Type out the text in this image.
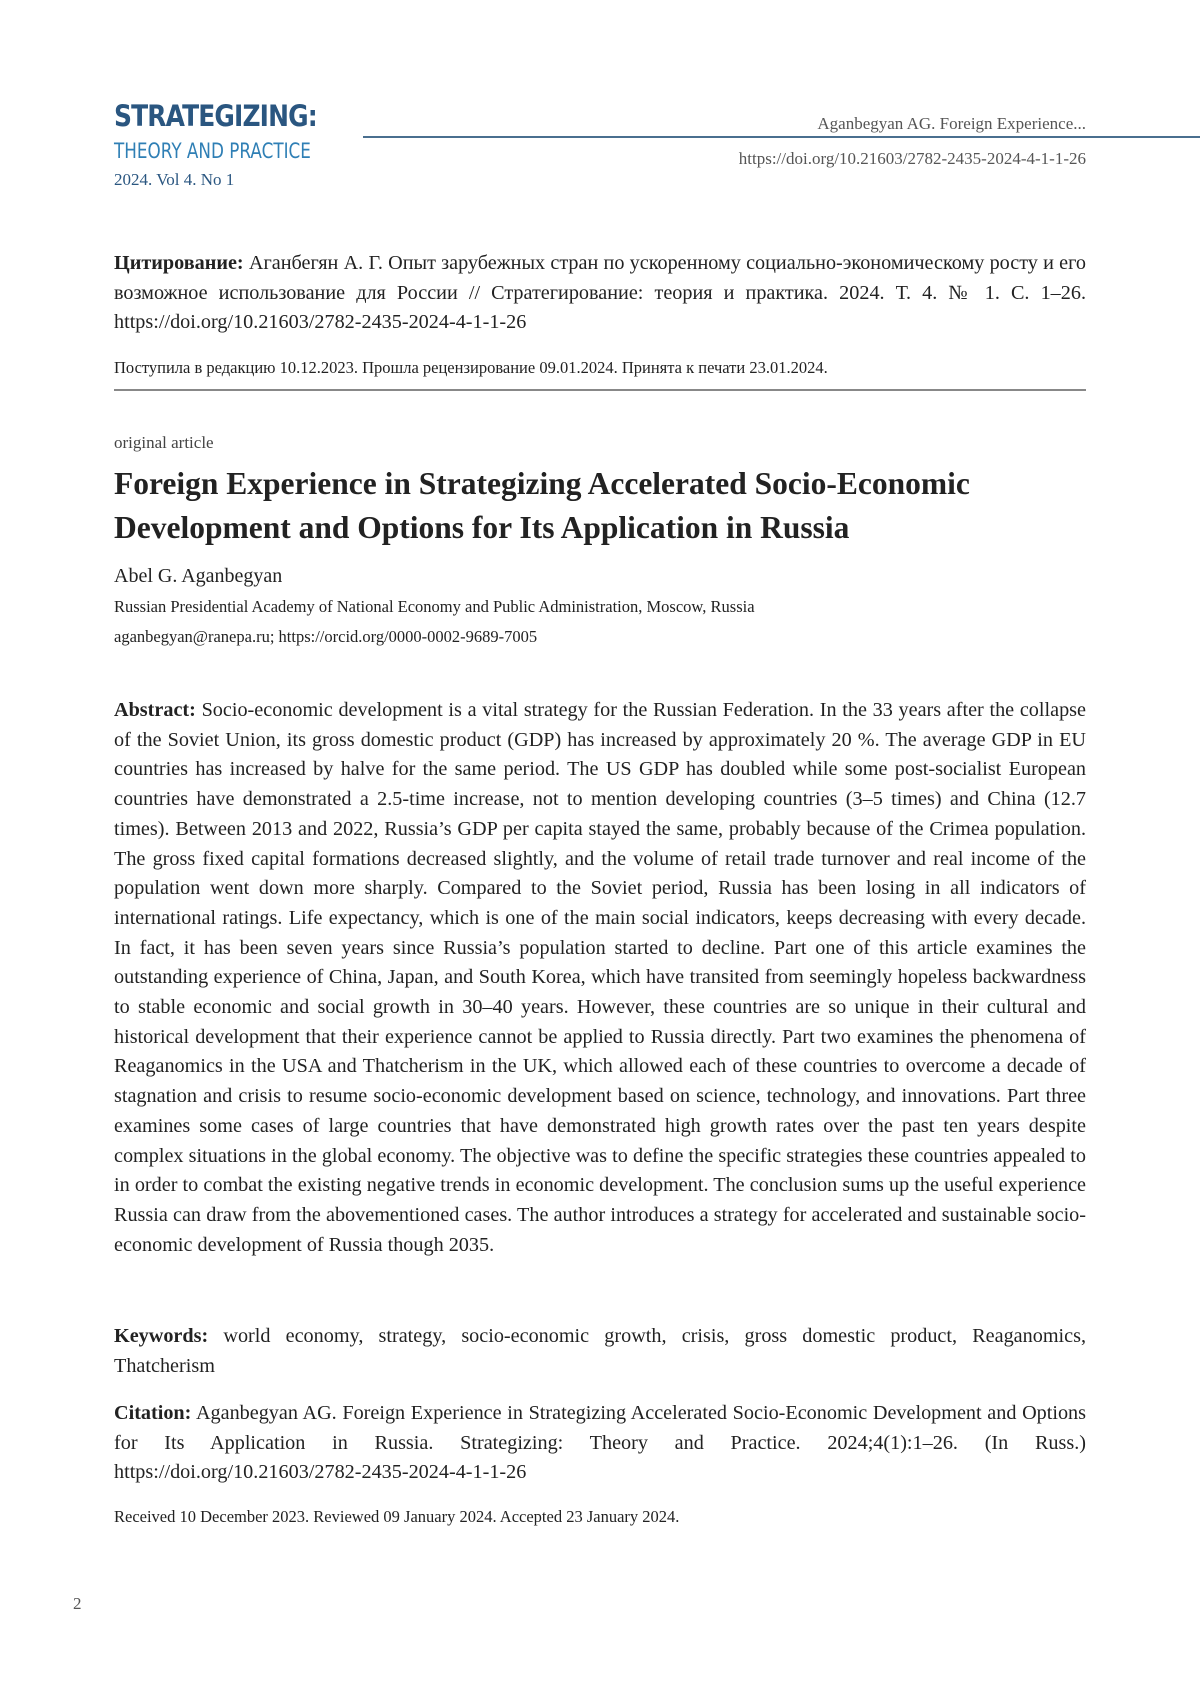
STRATEGIZING:
THEORY AND PRACTICE
2024. Vol 4. No 1
Aganbegyan AG. Foreign Experience...
https://doi.org/10.21603/2782-2435-2024-4-1-1-26
Цитирование: Аганбегян А. Г. Опыт зарубежных стран по ускоренному социально-экономическому росту и его возможное использование для России // Стратегирование: теория и практика. 2024. Т. 4. № 1. С. 1–26. https://doi.org/10.21603/2782-2435-2024-4-1-1-26
Поступила в редакцию 10.12.2023. Прошла рецензирование 09.01.2024. Принята к печати 23.01.2024.
original article
Foreign Experience in Strategizing Accelerated Socio-Economic Development and Options for Its Application in Russia
Abel G. Aganbegyan
Russian Presidential Academy of National Economy and Public Administration, Moscow, Russia
aganbegyan@ranepa.ru; https://orcid.org/0000-0002-9689-7005
Abstract: Socio-economic development is a vital strategy for the Russian Federation. In the 33 years after the collapse of the Soviet Union, its gross domestic product (GDP) has increased by approximately 20 %. The average GDP in EU countries has increased by halve for the same period. The US GDP has doubled while some post-socialist European countries have demonstrated a 2.5-time increase, not to mention developing countries (3–5 times) and China (12.7 times). Between 2013 and 2022, Russia’s GDP per capita stayed the same, probably because of the Crimea population. The gross fixed capital formations decreased slightly, and the volume of retail trade turnover and real income of the population went down more sharply. Compared to the Soviet period, Russia has been losing in all indicators of international ratings. Life expectancy, which is one of the main social indicators, keeps decreasing with every decade. In fact, it has been seven years since Russia’s population started to decline. Part one of this article examines the outstanding experience of China, Japan, and South Korea, which have transited from seemingly hopeless backwardness to stable economic and social growth in 30–40 years. However, these countries are so unique in their cultural and historical development that their experience cannot be applied to Russia directly. Part two examines the phenomena of Reaganomics in the USA and Thatcherism in the UK, which allowed each of these countries to overcome a decade of stagnation and crisis to resume socio-economic development based on science, technology, and innovations. Part three examines some cases of large countries that have demonstrated high growth rates over the past ten years despite complex situations in the global economy. The objective was to define the specific strategies these countries appealed to in order to combat the existing negative trends in economic development. The conclusion sums up the useful experience Russia can draw from the abovementioned cases. The author introduces a strategy for accelerated and sustainable socio-economic development of Russia though 2035.
Keywords: world economy, strategy, socio-economic growth, crisis, gross domestic product, Reaganomics, Thatcherism
Citation: Aganbegyan AG. Foreign Experience in Strategizing Accelerated Socio-Economic Development and Options for Its Application in Russia. Strategizing: Theory and Practice. 2024;4(1):1–26. (In Russ.) https://doi.org/10.21603/2782-2435-2024-4-1-1-26
Received 10 December 2023. Reviewed 09 January 2024. Accepted 23 January 2024.
2
